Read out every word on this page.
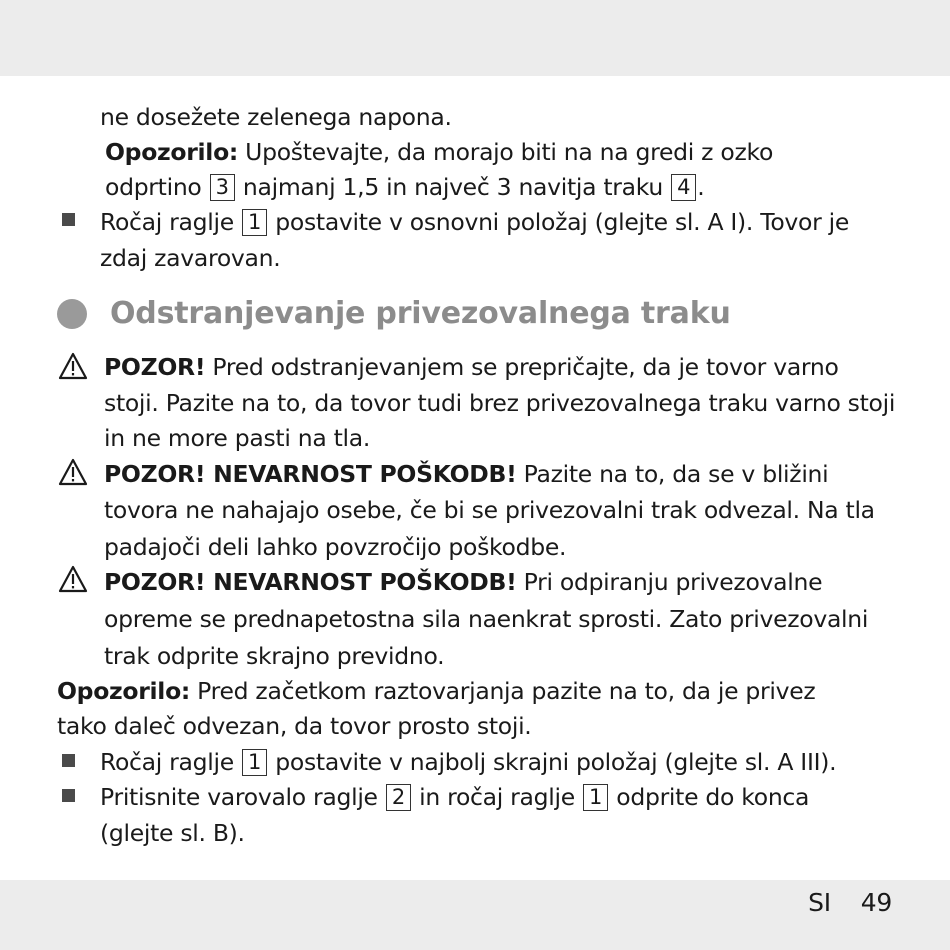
ne dosežete zelenega napona.
Opozorilo: Upoštevajte, da morajo biti na na gredi z ozko
odprtino 3 najmanj 1,5 in največ 3 navitja traku 4 .
Ročaj raglje 1 postavite v osnovni položaj (glejte sl. A I). Tovor je
zdaj zavarovan.
Odstranjevanje privezovalnega traku
POZOR! Pred odstranjevanjem se prepričajte, da je tovor varno
stoji. Pazite na to, da tovor tudi brez privezovalnega traku varno stoji
in ne more pasti na tla.
POZOR! NEVARNOST POŠKODB! Pazite na to, da se v bližini
tovora ne nahajajo osebe, če bi se privezovalni trak odvezal. Na tla
padajoči deli lahko povzročijo poškodbe.
POZOR! NEVARNOST POŠKODB! Pri odpiranju privezovalne
opreme se prednapetostna sila naenkrat sprosti. Zato privezovalni
trak odprite skrajno previdno.
Opozorilo: Pred začetkom raztovarjanja pazite na to, da je privez
tako daleč odvezan, da tovor prosto stoji.
Ročaj raglje 1 postavite v najbolj skrajni položaj (glejte sl. A III).
Pritisnite varovalo raglje 2 in ročaj raglje 1 odprite do konca
(glejte sl. B).
SI 49
